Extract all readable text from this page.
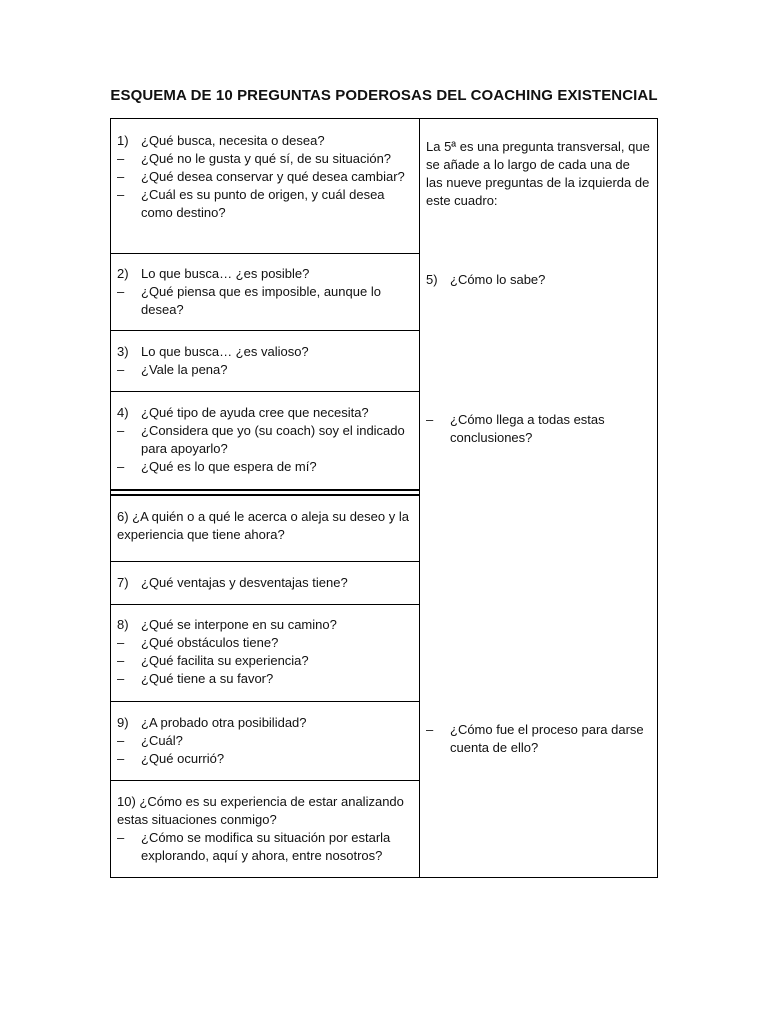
ESQUEMA DE 10 PREGUNTAS PODEROSAS DEL COACHING EXISTENCIAL
1) ¿Qué busca, necesita o desea?
–	¿Qué no le gusta y qué sí, de su situación?
–	¿Qué desea conservar y qué desea cambiar?
–	¿Cuál es su punto de origen, y cuál desea como destino?
2) Lo que busca… ¿es posible?
–	¿Qué piensa que es imposible, aunque lo desea?
3) Lo que busca… ¿es valioso?
–	¿Vale la pena?
4) ¿Qué tipo de ayuda cree que necesita?
–	¿Considera que yo (su coach) soy el indicado para apoyarlo?
–	¿Qué es lo que espera de mí?
6) ¿A quién o a qué le acerca o aleja su deseo y la experiencia que tiene ahora?
7) ¿Qué ventajas y desventajas tiene?
8) ¿Qué se interpone en su camino?
–	¿Qué obstáculos tiene?
–	¿Qué facilita su experiencia?
–	¿Qué tiene a su favor?
9) ¿A probado otra posibilidad?
–	¿Cuál?
–	¿Qué ocurrió?
10) ¿Cómo es su experiencia de estar analizando estas situaciones conmigo?
–	¿Cómo se modifica su situación por estarla explorando, aquí y ahora, entre nosotros?
La 5ª es una pregunta transversal, que se añade a lo largo de cada una de las nueve preguntas de la izquierda de este cuadro:
5) ¿Cómo lo sabe?
–	¿Cómo llega a todas estas conclusiones?
–	¿Cómo fue el proceso para darse cuenta de ello?
